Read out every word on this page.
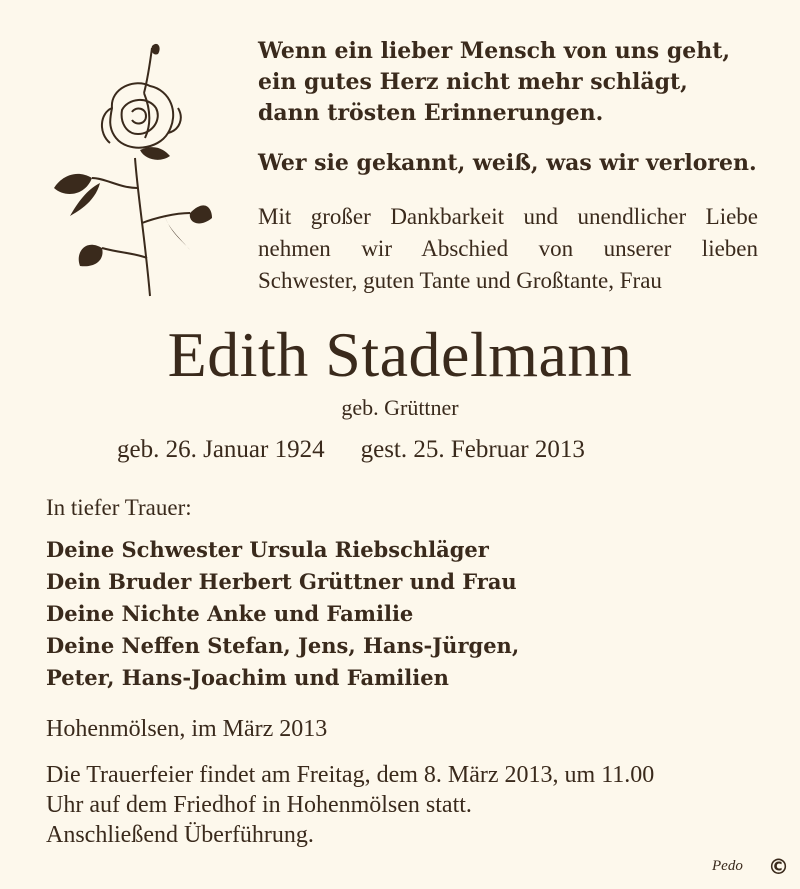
Wenn ein lieber Mensch von uns geht,
ein gutes Herz nicht mehr schlägt,
dann trösten Erinnerungen.
Wer sie gekannt, weiß, was wir verloren.
Mit großer Dankbarkeit und unendlicher Liebe
nehmen wir Abschied von unserer lieben
Schwester, guten Tante und Großtante, Frau
Edith Stadelmann
geb. Grüttner
geb. 26. Januar 1924 gest. 25. Februar 2013
In tiefer Trauer:
Deine Schwester Ursula Riebschläger
Dein Bruder Herbert Grüttner und Frau
Deine Nichte Anke und Familie
Deine Neffen Stefan, Jens, Hans-Jürgen,
Peter, Hans-Joachim und Familien
Hohenmölsen, im März 2013
Die Trauerfeier findet am Freitag, dem 8. März 2013, um 11.00
Uhr auf dem Friedhof in Hohenmölsen statt.
Anschließend Überführung.
Pedo ©
